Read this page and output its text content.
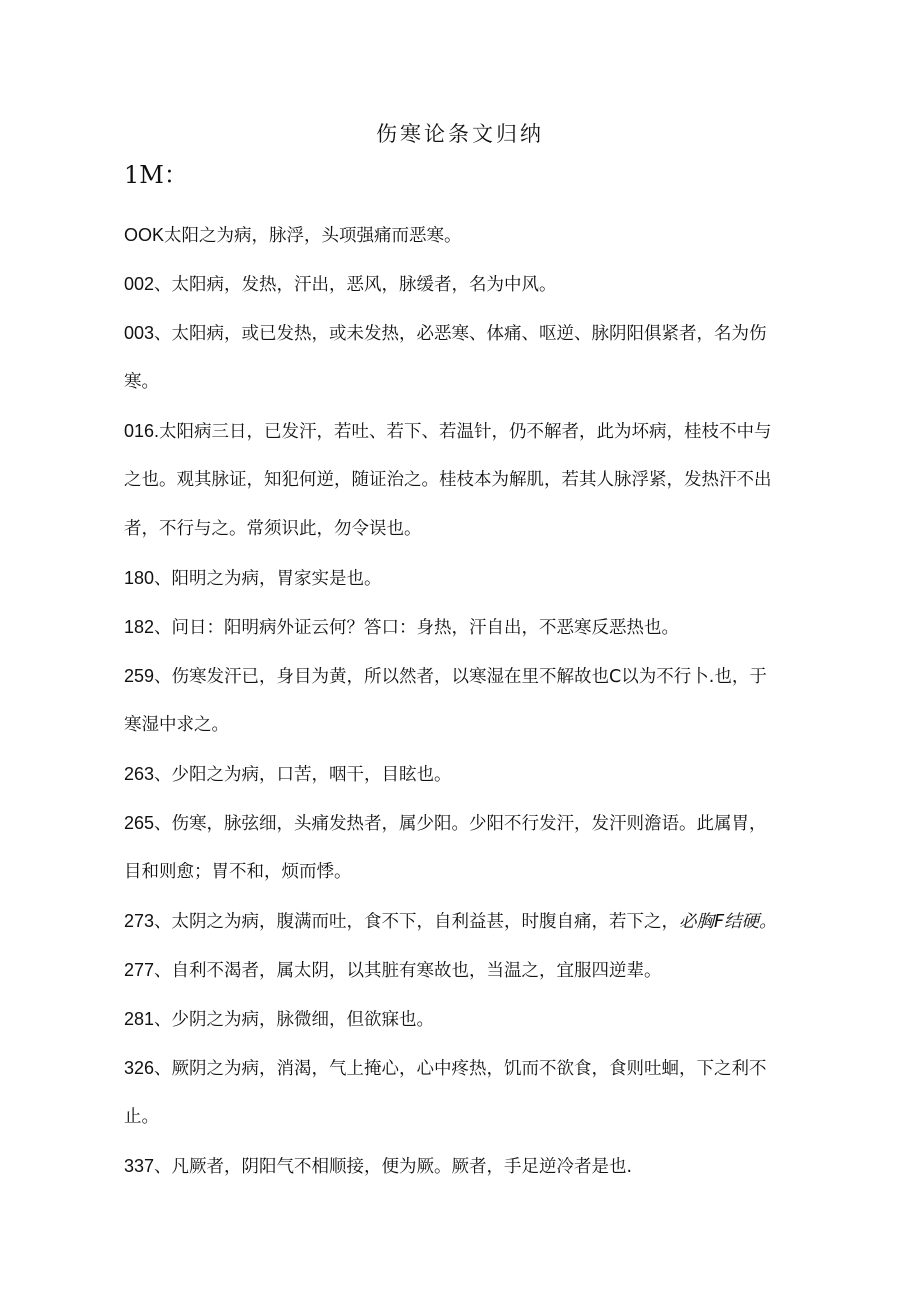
伤寒论条文归纳
1M：
OOK太阳之为病，脉浮，头项强痛而恶寒。
002、太阳病，发热，汗出，恶风，脉缓者，名为中风。
003、太阳病，或已发热，或未发热，必恶寒、体痛、呕逆、脉阴阳俱紧者，名为伤
寒。
016.太阳病三日，已发汗，若吐、若下、若温针，仍不解者，此为坏病，桂枝不中与
之也。观其脉证，知犯何逆，随证治之。桂枝本为解肌，若其人脉浮紧，发热汗不出
者，不行与之。常须识此，勿令误也。
180、阳明之为病，胃家实是也。
182、问日：阳明病外证云何？答口：身热，汗自出，不恶寒反恶热也。
259、伤寒发汗已，身目为黄，所以然者，以寒湿在里不解故也C以为不行卜.也，于
寒湿中求之。
263、少阳之为病，口苦，咽干，目眩也。
265、伤寒，脉弦细，头痛发热者，属少阳。少阳不行发汗，发汗则澹语。此属胃，
目和则愈；胃不和，烦而悸。
273、太阴之为病，腹满而吐，食不下，自利益甚，时腹自痛，若下之，必胸F结硬。
277、自利不渴者，属太阴，以其脏有寒故也，当温之，宜服四逆辈。
281、少阴之为病，脉微细，但欲寐也。
326、厥阴之为病，消渴，气上掩心，心中疼热，饥而不欲食，食则吐蛔，下之利不
止。
337、凡厥者，阴阳气不相顺接，便为厥。厥者，手足逆冷者是也.
